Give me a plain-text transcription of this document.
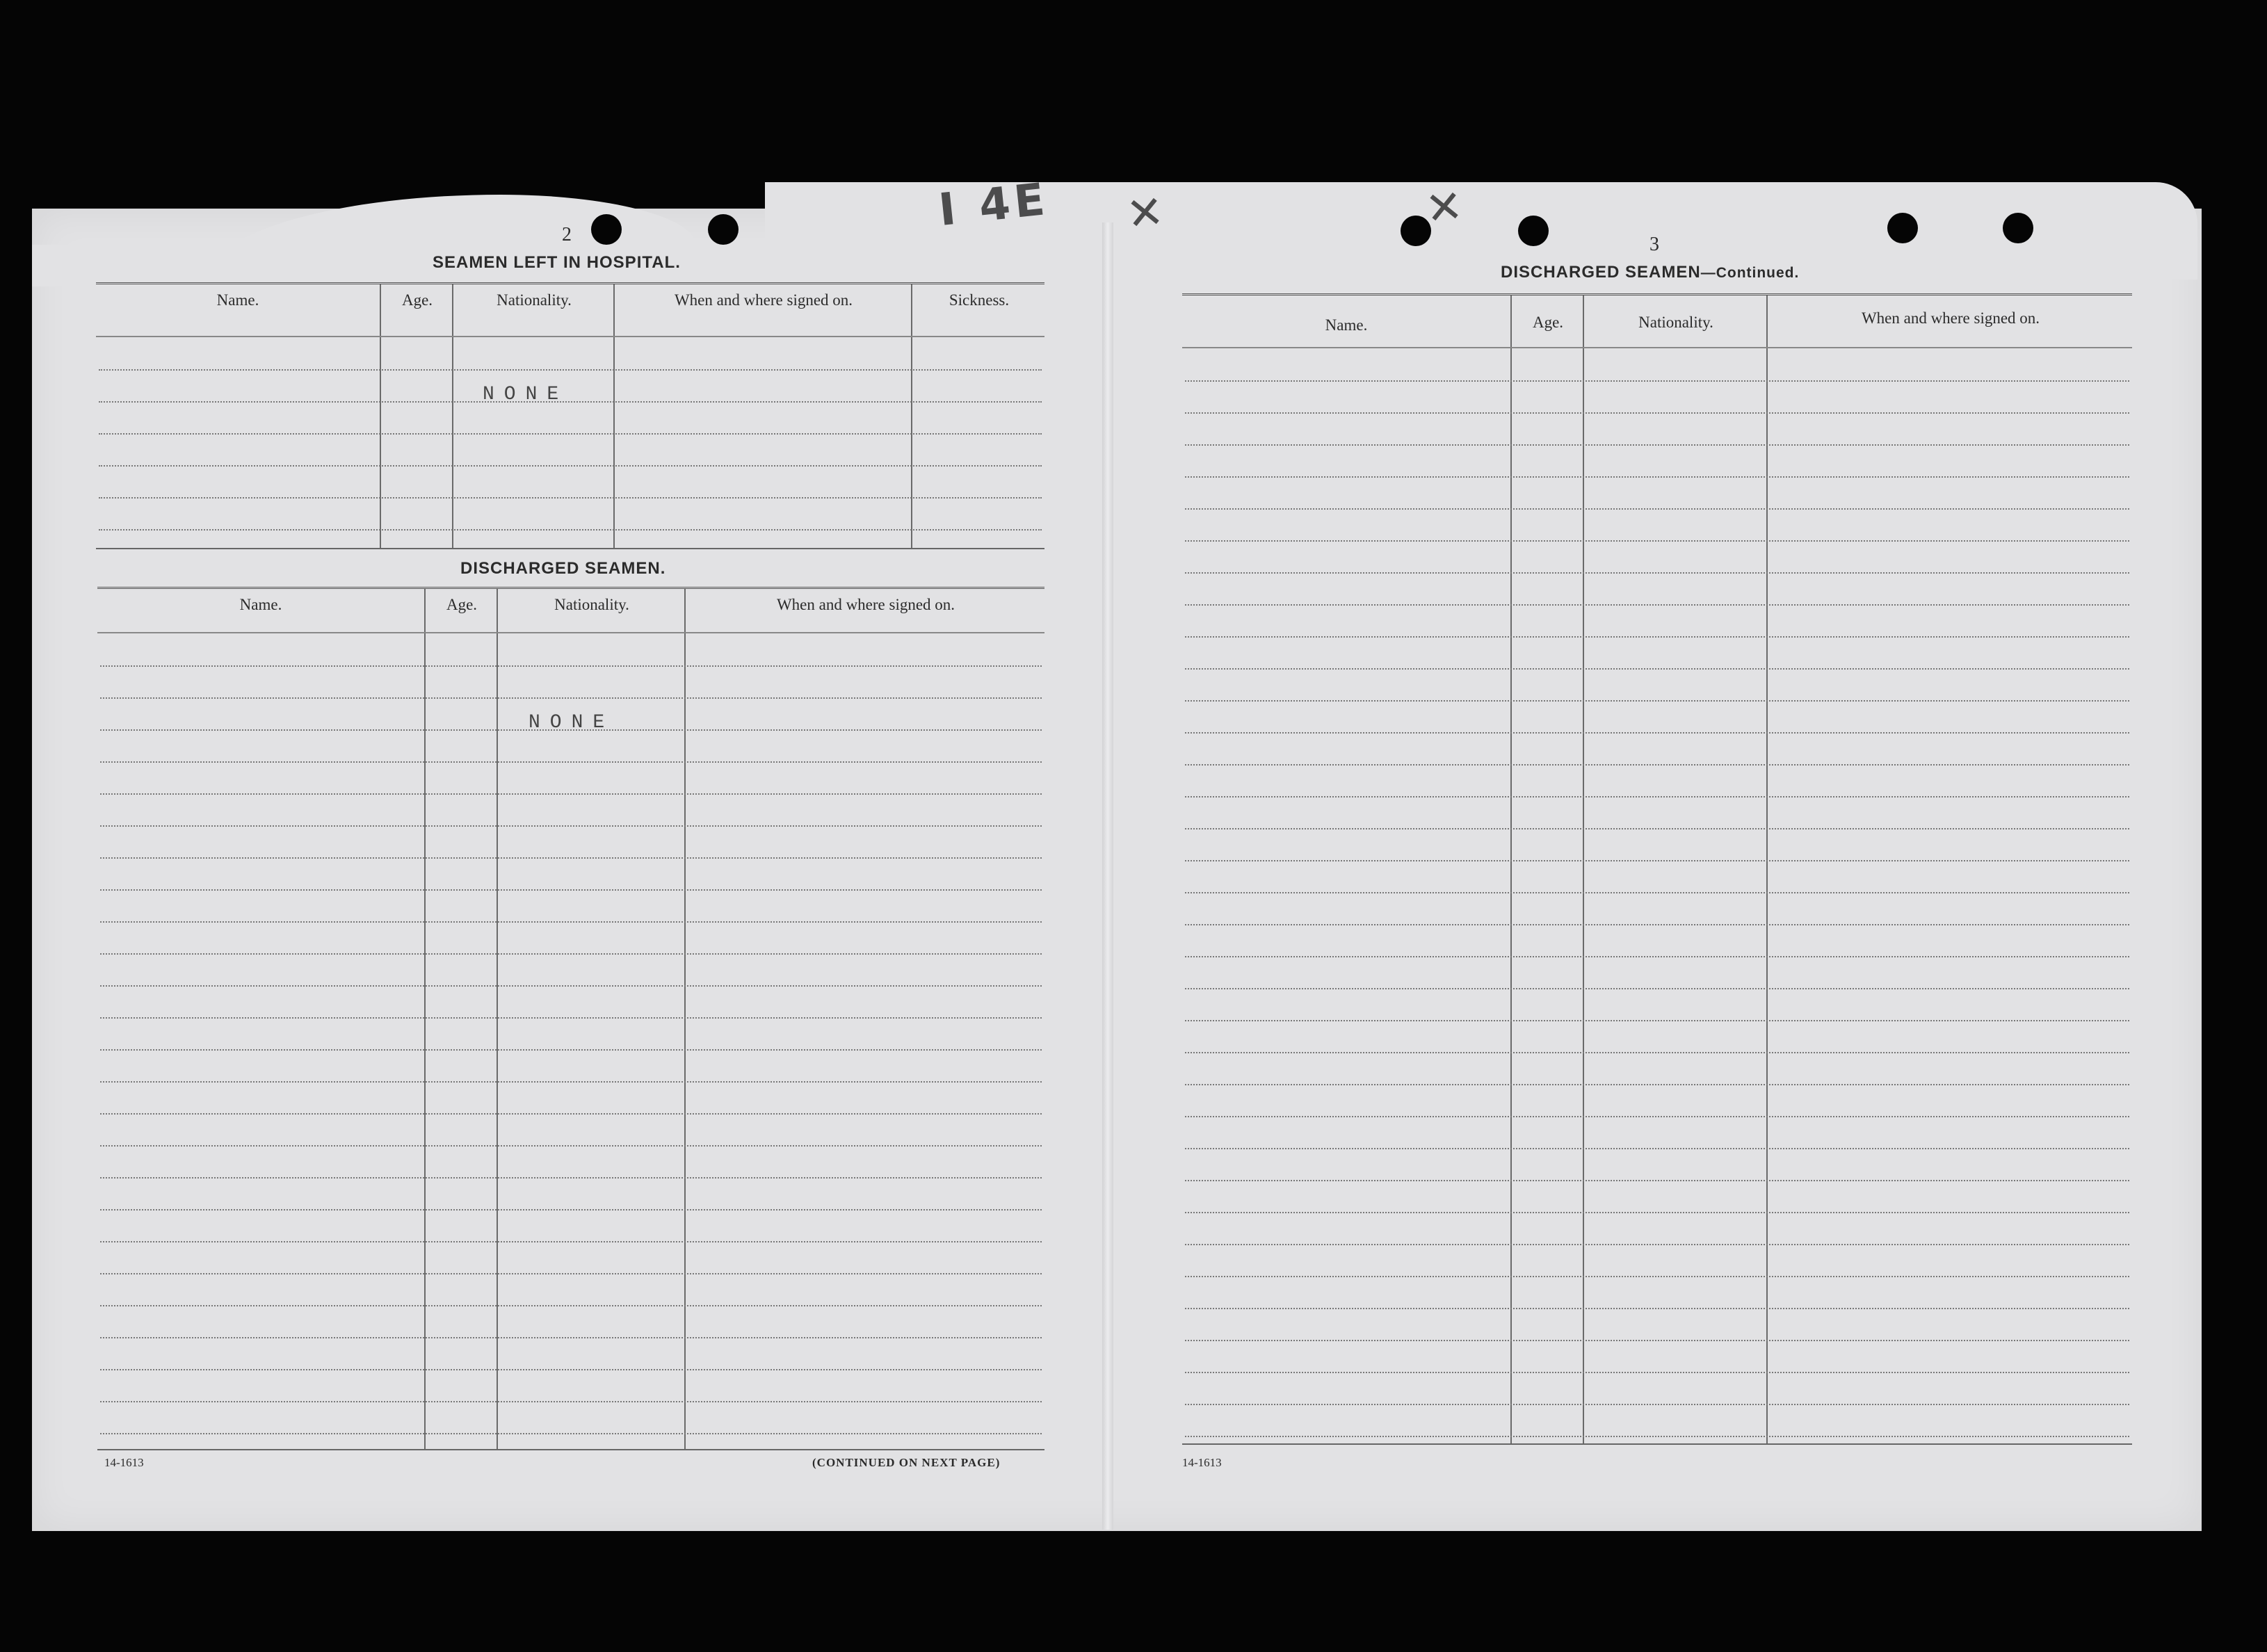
I 4E ✕	✕
2
SEAMEN LEFT IN HOSPITAL.
Name.	Age.	Nationality.	When and where signed on.	Sickness.
NONE
DISCHARGED SEAMEN.
Name.	Age.	Nationality.	When and where signed on.
NONE
14-1613	(CONTINUED ON NEXT PAGE)
3
DISCHARGED SEAMEN—Continued.
Name.	Age.	Nationality.	When and where signed on.
14-1613
